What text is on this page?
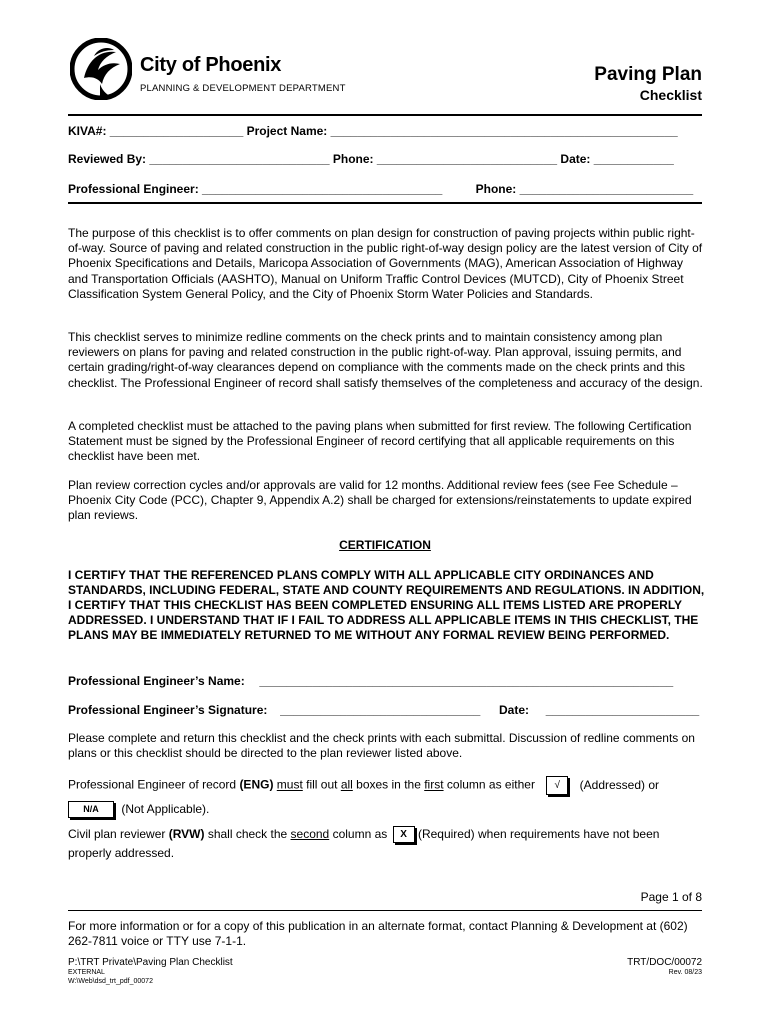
City of Phoenix
PLANNING & DEVELOPMENT DEPARTMENT
Paving Plan
Checklist
KIVA#: ____________________ Project Name: ____________________________________________________
Reviewed By: ___________________________ Phone: ___________________________ Date: ____________
Professional Engineer: ____________________________________          Phone: __________________________

The purpose of this checklist is to offer comments on plan design for construction of paving projects within public right-of-way. Source of paving and related construction in the public right-of-way design policy are the latest version of City of Phoenix Specifications and Details, Maricopa Association of Governments (MAG), American Association of Highway and Transportation Officials (AASHTO), Manual on Uniform Traffic Control Devices (MUTCD), City of Phoenix Street Classification System General Policy, and the City of Phoenix Storm Water Policies and Standards.

This checklist serves to minimize redline comments on the check prints and to maintain consistency among plan reviewers on plans for paving and related construction in the public right-of-way. Plan approval, issuing permits, and certain grading/right-of-way clearances depend on compliance with the comments made on the check prints and this checklist. The Professional Engineer of record shall satisfy themselves of the completeness and accuracy of the design.

A completed checklist must be attached to the paving plans when submitted for first review. The following Certification Statement must be signed by the Professional Engineer of record certifying that all applicable requirements on this checklist have been met.

Plan review correction cycles and/or approvals are valid for 12 months. Additional review fees (see Fee Schedule – Phoenix City Code (PCC), Chapter 9, Appendix A.2) shall be charged for extensions/reinstatements to update expired plan reviews.

CERTIFICATION
I CERTIFY THAT THE REFERENCED PLANS COMPLY WITH ALL APPLICABLE CITY ORDINANCES AND STANDARDS, INCLUDING FEDERAL, STATE AND COUNTY REQUIREMENTS AND REGULATIONS. IN ADDITION, I CERTIFY THAT THIS CHECKLIST HAS BEEN COMPLETED ENSURING ALL ITEMS LISTED ARE PROPERLY ADDRESSED. I UNDERSTAND THAT IF I FAIL TO ADDRESS ALL APPLICABLE ITEMS IN THIS CHECKLIST, THE PLANS MAY BE IMMEDIATELY RETURNED TO ME WITHOUT ANY FORMAL REVIEW BEING PERFORMED.
Professional Engineer’s Name: ______________________________________________________________
Professional Engineer’s Signature: ______________________________ Date: _______________________

Please complete and return this checklist and the check prints with each submittal. Discussion of redline comments on plans or this checklist should be directed to the plan reviewer listed above.

Professional Engineer of record (ENG) must fill out all boxes in the first column as either √ (Addressed) or
N/A (Not Applicable).
Civil plan reviewer (RVW) shall check the second column as X (Required) when requirements have not been
properly addressed.
Page 1 of 8

For more information or for a copy of this publication in an alternate format, contact Planning & Development at (602) 262-7811 voice or TTY use 7-1-1.

P:\TRT Private\Paving Plan Checklist
EXTERNAL
W:\Web\dsd_trt_pdf_00072
TRT/DOC/00072
Rev. 08/23
